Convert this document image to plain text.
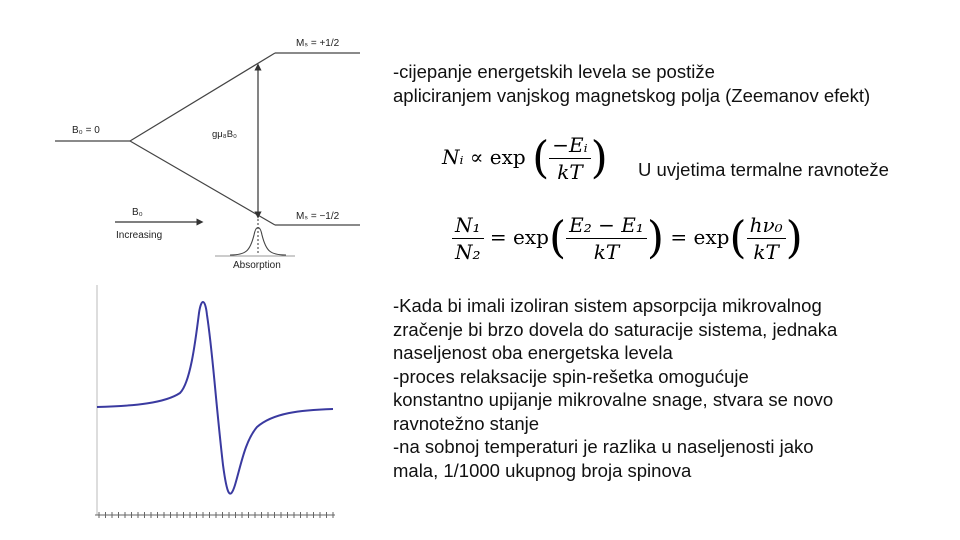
Mₛ = +1/2
Mₛ = −1/2
B₀ = 0	gμ₈B₀
B₀
Increasing
Absorption
-cijepanje energetskih levela se postiže
apliciranjem vanjskog magnetskog polja (Zeemanov efekt)
Nᵢ ∝ exp ( $\frac{\text{−Eᵢ}}{kT}$ ) U uvjetima termalne ravnoteže
$\frac{\text{N₁}}{\text{N₂}} = \exp( \frac{\text{E₂ − E₁}}{kT}$ ) = $\exp( \frac{\text{hν₀}}{kT}$ )
-Kada bi imali izoliran sistem apsorpcija mikrovalnog
zračenje bi brzo dovela do saturacije sistema, jednaka
naseljenost oba energetska levela
-proces relaksacije spin-rešetka omogućuje
konstantno upijanje mikrovalne snage, stvara se novo
ravnotežno stanje
-na sobnoj temperaturi je razlika u naseljenosti jako
mala, 1/1000 ukupnog broja spinova
